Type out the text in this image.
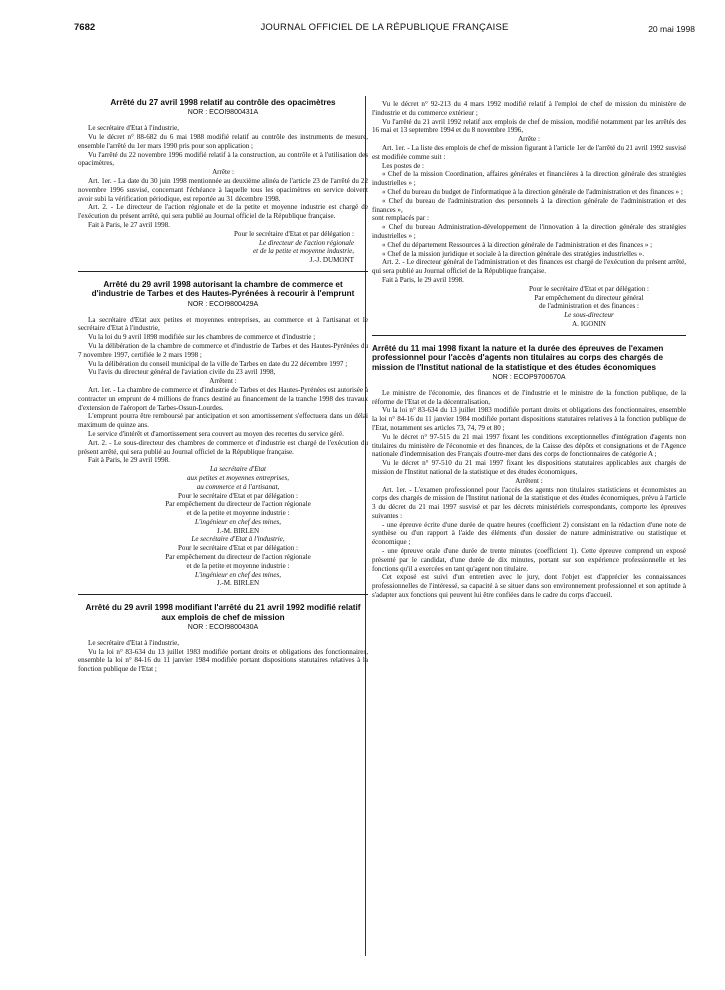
7682	JOURNAL OFFICIEL DE LA RÉPUBLIQUE FRANÇAISE	20 mai 1998
Arrêté du 27 avril 1998 relatif au contrôle des opacimètres
NOR : ECOI9800431A

Le secrétaire d'Etat à l'industrie,

Vu le décret n° 88-682 du 6 mai 1988 modifié relatif au contrôle des instruments de mesure, ensemble l'arrêté du 1er mars 1990 pris pour son application ;

Vu l'arrêté du 22 novembre 1996 modifié relatif à la construction, au contrôle et à l'utilisation des opacimètres,

Arrête :

Art. 1er. - La date du 30 juin 1998 mentionnée au deuxième alinéa de l'article 23 de l'arrêté du 22 novembre 1996 susvisé, concernant l'échéance à laquelle tous les opacimètres en service doivent avoir subi la vérification périodique, est reportée au 31 décembre 1998.

Art. 2. - Le directeur de l'action régionale et de la petite et moyenne industrie est chargé de l'exécution du présent arrêté, qui sera publié au Journal officiel de la République française.

Fait à Paris, le 27 avril 1998.

Pour le secrétaire d'Etat et par délégation :
Le directeur de l'action régionale
et de la petite et moyenne industrie,
J.-J. DUMONT
Arrêté du 29 avril 1998 autorisant la chambre de commerce et d'industrie de Tarbes et des Hautes-Pyrénées à recourir à l'emprunt
NOR : ECOI9800429A

La secrétaire d'Etat aux petites et moyennes entreprises, au commerce et à l'artisanat et le secrétaire d'Etat à l'industrie,

Vu la loi du 9 avril 1898 modifiée sur les chambres de commerce et d'industrie ;

Vu la délibération de la chambre de commerce et d'industrie de Tarbes et des Hautes-Pyrénées du 7 novembre 1997, certifiée le 2 mars 1998 ;

Vu la délibération du conseil municipal de la ville de Tarbes en date du 22 décembre 1997 ;

Vu l'avis du directeur général de l'aviation civile du 23 avril 1998,

Arrêtent :

Art. 1er. - La chambre de commerce et d'industrie de Tarbes et des Hautes-Pyrénées est autorisée à contracter un emprunt de 4 millions de francs destiné au financement de la tranche 1998 des travaux d'extension de l'aéroport de Tarbes-Ossun-Lourdes.

L'emprunt pourra être remboursé par anticipation et son amortissement s'effectuera dans un délai maximum de quinze ans.

Le service d'intérêt et d'amortissement sera couvert au moyen des recettes du service géré.

Art. 2. - Le sous-directeur des chambres de commerce et d'industrie est chargé de l'exécution du présent arrêté, qui sera publié au Journal officiel de la République française.

Fait à Paris, le 29 avril 1998.

La secrétaire d'Etat
aux petites et moyennes entreprises,
au commerce et à l'artisanat,
Pour le secrétaire d'Etat et par délégation :
Par empêchement du directeur de l'action régionale
et de la petite et moyenne industrie :
L'ingénieur en chef des mines,
J.-M. BIRLEN
Le secrétaire d'Etat à l'industrie,
Pour le secrétaire d'Etat et par délégation :
Par empêchement du directeur de l'action régionale
et de la petite et moyenne industrie :
L'ingénieur en chef des mines,
J.-M. BIRLEN
Arrêté du 29 avril 1998 modifiant l'arrêté du 21 avril 1992 modifié relatif aux emplois de chef de mission
NOR : ECOI9800430A

Le secrétaire d'Etat à l'industrie,

Vu la loi n° 83-634 du 13 juillet 1983 modifiée portant droits et obligations des fonctionnaires, ensemble la loi n° 84-16 du 11 janvier 1984 modifiée portant dispositions statutaires relatives à la fonction publique de l'Etat ;

Vu le décret n° 92-213 du 4 mars 1992 modifié relatif à l'emploi de chef de mission du ministère de l'industrie et du commerce extérieur ;

Vu l'arrêté du 21 avril 1992 relatif aux emplois de chef de mission, modifié notamment par les arrêtés des 16 mai et 13 septembre 1994 et du 8 novembre 1996,

Arrête :

Art. 1er. - La liste des emplois de chef de mission figurant à l'article 1er de l'arrêté du 21 avril 1992 susvisé est modifiée comme suit :

Les postes de :

« Chef de la mission Coordination, affaires générales et financières à la direction générale des stratégies industrielles » ;

« Chef du bureau du budget de l'informatique à la direction générale de l'administration et des finances » ;

« Chef du bureau de l'administration des personnels à la direction générale de l'administration et des finances »,

sont remplacés par :

« Chef du bureau Administration-développement de l'innovation à la direction générale des stratégies industrielles » ;

« Chef du département Ressources à la direction générale de l'administration et des finances » ;

« Chef de la mission juridique et sociale à la direction générale des stratégies industrielles ».

Art. 2. - Le directeur général de l'administration et des finances est chargé de l'exécution du présent arrêté, qui sera publié au Journal officiel de la République française.

Fait à Paris, le 29 avril 1998.

Pour le secrétaire d'Etat et par délégation :
Par empêchement du directeur général
de l'administration et des finances :
Le sous-directeur
A. IGONIN
Arrêté du 11 mai 1998 fixant la nature et la durée des épreuves de l'examen professionnel pour l'accès d'agents non titulaires au corps des chargés de mission de l'Institut national de la statistique et des études économiques
NOR : ECOP9700670A

Le ministre de l'économie, des finances et de l'industrie et le ministre de la fonction publique, de la réforme de l'Etat et de la décentralisation,

Vu la loi n° 83-634 du 13 juillet 1983 modifiée portant droits et obligations des fonctionnaires, ensemble la loi n° 84-16 du 11 janvier 1984 modifiée portant dispositions statutaires relatives à la fonction publique de l'Etat, notamment ses articles 73, 74, 79 et 80 ;

Vu le décret n° 97-515 du 21 mai 1997 fixant les conditions exceptionnelles d'intégration d'agents non titulaires du ministère de l'économie et des finances, de la Caisse des dépôts et consignations et de l'Agence nationale d'indemnisation des Français d'outre-mer dans des corps de fonctionnaires de catégorie A ;

Vu le décret n° 97-510 du 21 mai 1997 fixant les dispositions statutaires applicables aux chargés de mission de l'Institut national de la statistique et des études économiques,

Arrêtent :

Art. 1er. - L'examen professionnel pour l'accès des agents non titulaires statisticiens et économistes au corps des chargés de mission de l'Institut national de la statistique et des études économiques, prévu à l'article 3 du décret du 21 mai 1997 susvisé et par les décrets ministériels correspondants, comporte les épreuves suivantes :

- une épreuve écrite d'une durée de quatre heures (coefficient 2) consistant en la rédaction d'une note de synthèse ou d'un rapport à l'aide des éléments d'un dossier de nature administrative ou statistique et économique ;

- une épreuve orale d'une durée de trente minutes (coefficient 1). Cette épreuve comprend un exposé présenté par le candidat, d'une durée de dix minutes, portant sur son expérience professionnelle et les fonctions qu'il a exercées en tant qu'agent non titulaire.

Cet exposé est suivi d'un entretien avec le jury, dont l'objet est d'apprécier les connaissances professionnelles de l'intéressé, sa capacité à se situer dans son environnement professionnel et son aptitude à s'adapter aux fonctions qui peuvent lui être confiées dans le cadre du corps d'accueil.
